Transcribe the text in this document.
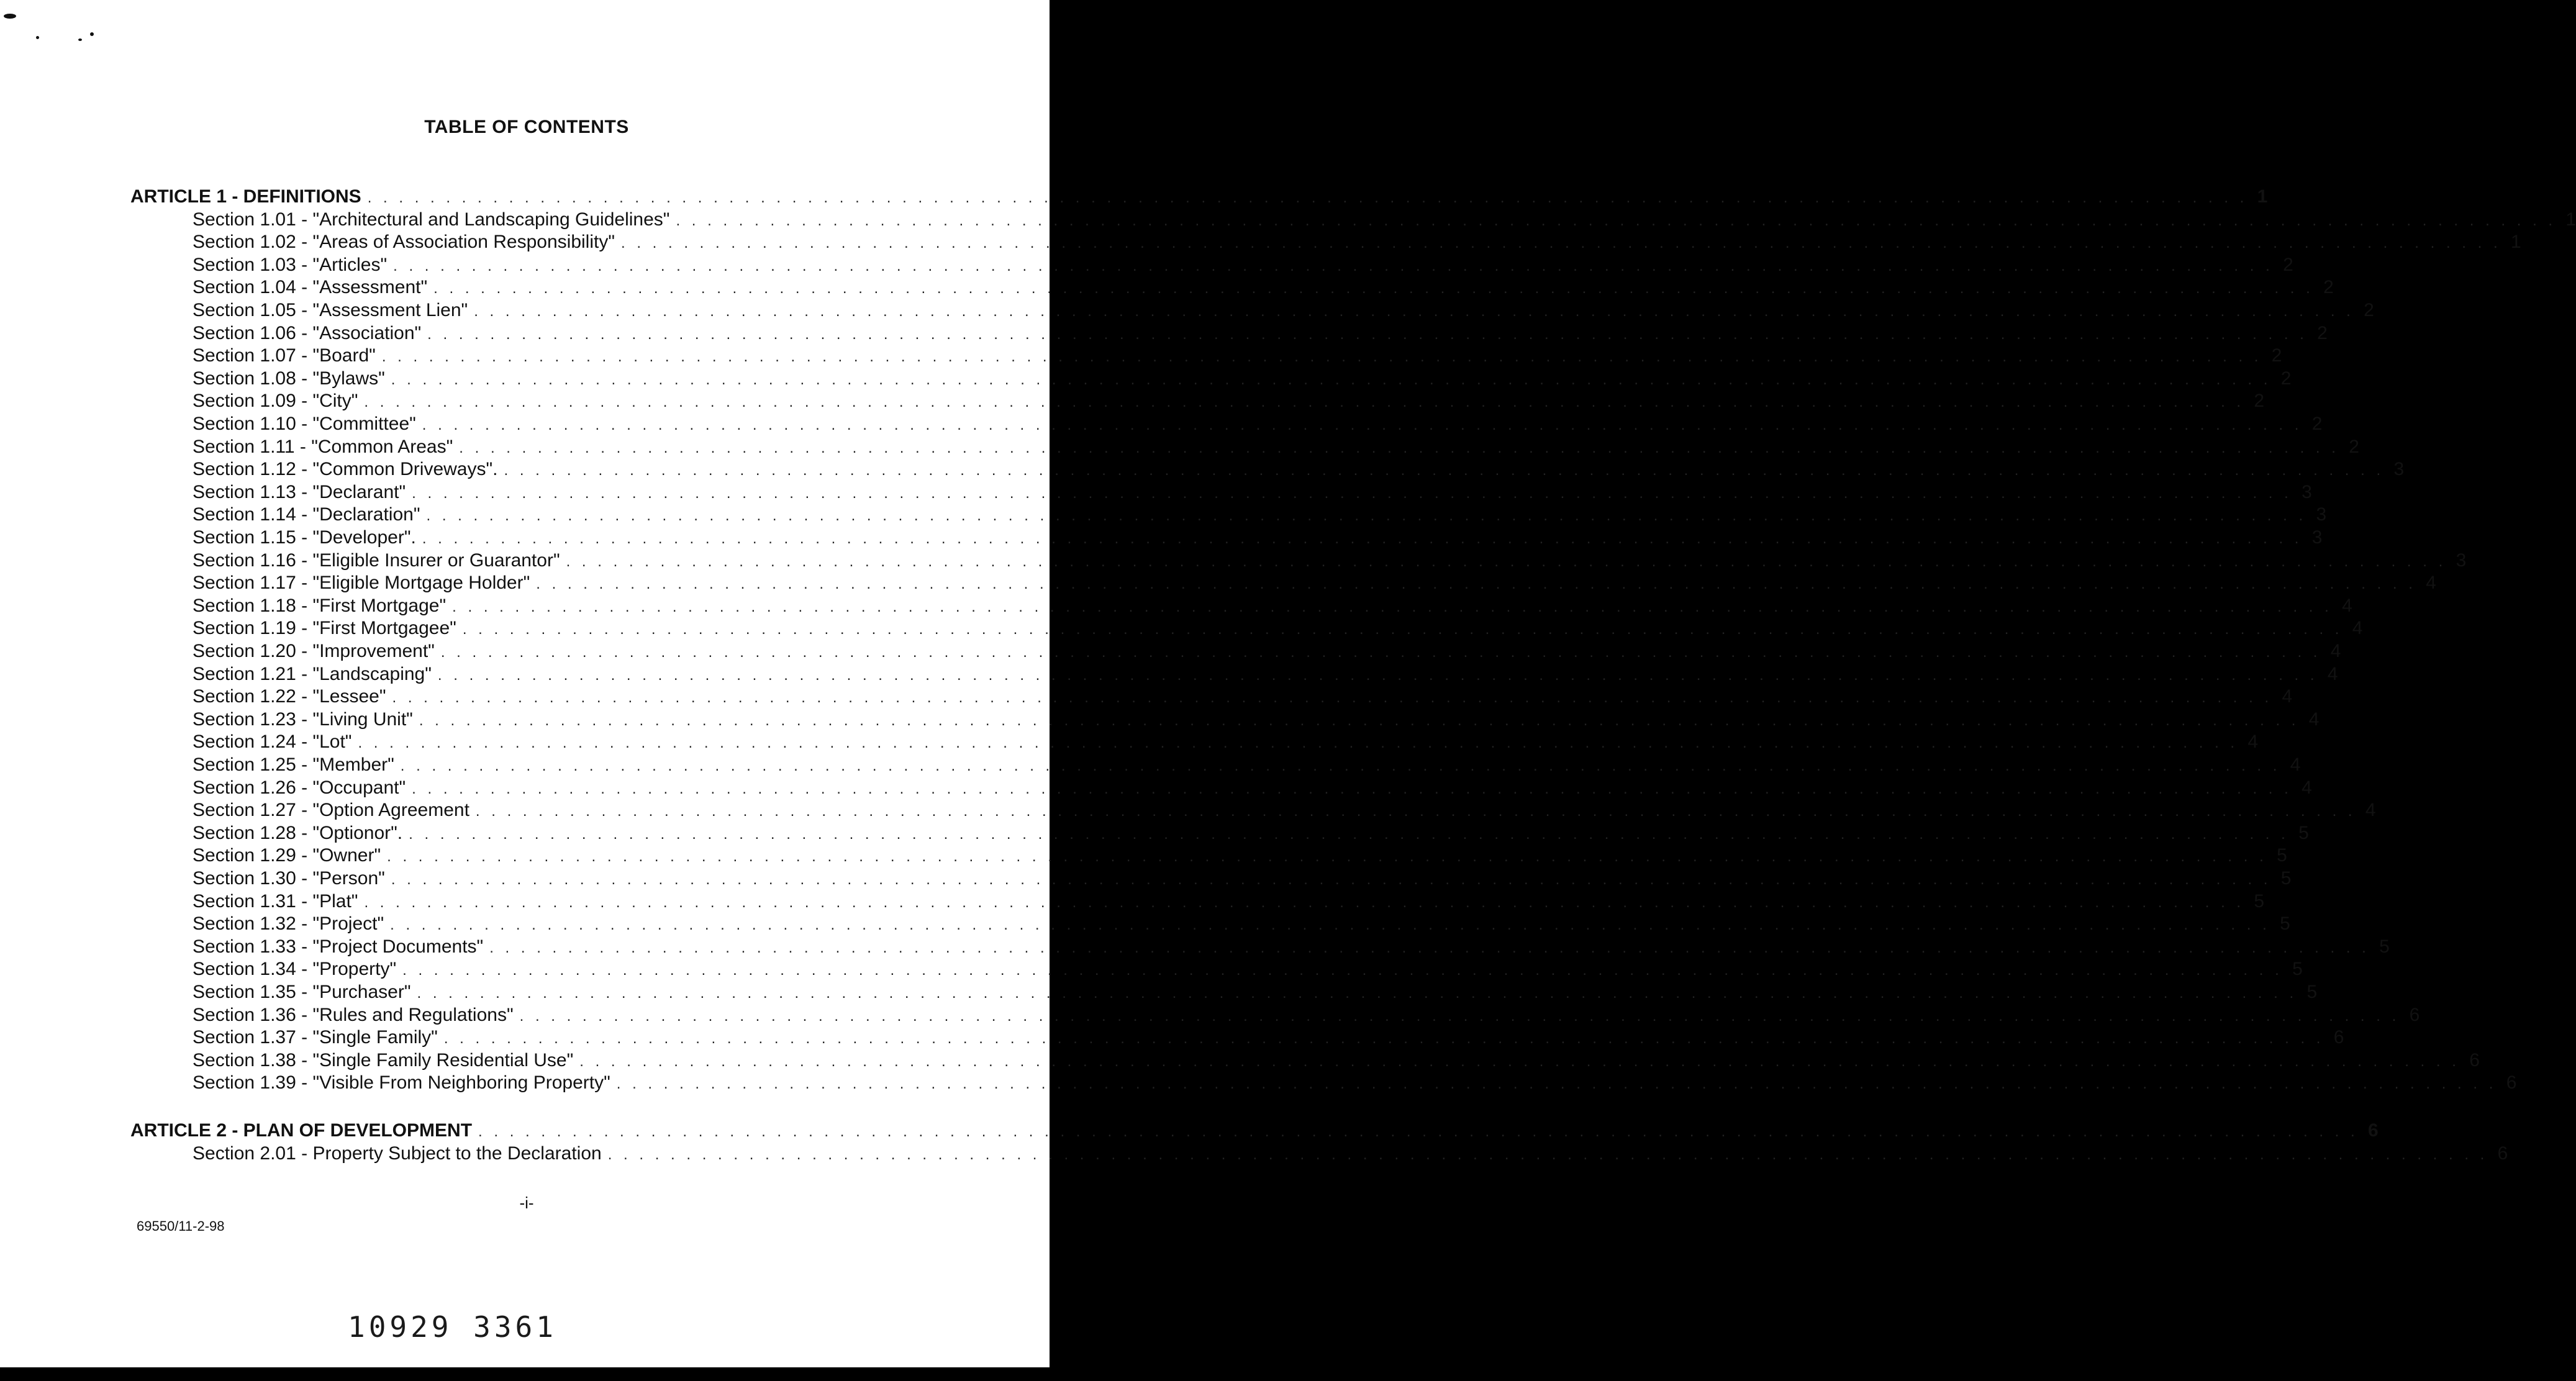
TABLE OF CONTENTS
ARTICLE 1 - DEFINITIONS . . . . . . . . . . . . . . . . . . . . . . . . . . . . . . . . . . . . . . . . . . . . . . . . . . . . . . . . . . . . . . . . . . . . . . . . . . . . . . . . . . . . . . . . . . . . . . . . . . . . . . . . . . . . . . . . . . . . . . . . 1
Section 1.01 - "Architectural and Landscaping Guidelines" . . . . . . . . . . . . . . . . . . . . . . . . . . . . . . . . . . . . . . . . . . . . . . . . . . . . . . . . . . . . . . . . . . . . . . . . . . . . . . . . . . . . . . . . . . . . . . . . . . . . . . . . . . . . . . . . . . . . . . . . 1
Section 1.02 - "Areas of Association Responsibility" . . . . . . . . . . . . . . . . . . . . . . . . . . . . . . . . . . . . . . . . . . . . . . . . . . . . . . . . . . . . . . . . . . . . . . . . . . . . . . . . . . . . . . . . . . . . . . . . . . . . . . . . . . . . . . . . . . . . . . . . 1
Section 1.03 - "Articles" . . . . . . . . . . . . . . . . . . . . . . . . . . . . . . . . . . . . . . . . . . . . . . . . . . . . . . . . . . . . . . . . . . . . . . . . . . . . . . . . . . . . . . . . . . . . . . . . . . . . . . . . . . . . . . . . . . . . . . . . 2
Section 1.04 - "Assessment" . . . . . . . . . . . . . . . . . . . . . . . . . . . . . . . . . . . . . . . . . . . . . . . . . . . . . . . . . . . . . . . . . . . . . . . . . . . . . . . . . . . . . . . . . . . . . . . . . . . . . . . . . . . . . . . . . . . . . . . . 2
Section 1.05 - "Assessment Lien" . . . . . . . . . . . . . . . . . . . . . . . . . . . . . . . . . . . . . . . . . . . . . . . . . . . . . . . . . . . . . . . . . . . . . . . . . . . . . . . . . . . . . . . . . . . . . . . . . . . . . . . . . . . . . . . . . . . . . . . . 2
Section 1.06 - "Association" . . . . . . . . . . . . . . . . . . . . . . . . . . . . . . . . . . . . . . . . . . . . . . . . . . . . . . . . . . . . . . . . . . . . . . . . . . . . . . . . . . . . . . . . . . . . . . . . . . . . . . . . . . . . . . . . . . . . . . . . 2
Section 1.07 - "Board" . . . . . . . . . . . . . . . . . . . . . . . . . . . . . . . . . . . . . . . . . . . . . . . . . . . . . . . . . . . . . . . . . . . . . . . . . . . . . . . . . . . . . . . . . . . . . . . . . . . . . . . . . . . . . . . . . . . . . . . . 2
Section 1.08 - "Bylaws" . . . . . . . . . . . . . . . . . . . . . . . . . . . . . . . . . . . . . . . . . . . . . . . . . . . . . . . . . . . . . . . . . . . . . . . . . . . . . . . . . . . . . . . . . . . . . . . . . . . . . . . . . . . . . . . . . . . . . . . . 2
Section 1.09 - "City" . . . . . . . . . . . . . . . . . . . . . . . . . . . . . . . . . . . . . . . . . . . . . . . . . . . . . . . . . . . . . . . . . . . . . . . . . . . . . . . . . . . . . . . . . . . . . . . . . . . . . . . . . . . . . . . . . . . . . . . . 2
Section 1.10 - "Committee" . . . . . . . . . . . . . . . . . . . . . . . . . . . . . . . . . . . . . . . . . . . . . . . . . . . . . . . . . . . . . . . . . . . . . . . . . . . . . . . . . . . . . . . . . . . . . . . . . . . . . . . . . . . . . . . . . . . . . . . . 2
Section 1.11 - "Common Areas" . . . . . . . . . . . . . . . . . . . . . . . . . . . . . . . . . . . . . . . . . . . . . . . . . . . . . . . . . . . . . . . . . . . . . . . . . . . . . . . . . . . . . . . . . . . . . . . . . . . . . . . . . . . . . . . . . . . . . . . . 2
Section 1.12 - "Common Driveways". . . . . . . . . . . . . . . . . . . . . . . . . . . . . . . . . . . . . . . . . . . . . . . . . . . . . . . . . . . . . . . . . . . . . . . . . . . . . . . . . . . . . . . . . . . . . . . . . . . . . . . . . . . . . . . . . . . . . . . . . 3
Section 1.13 - "Declarant" . . . . . . . . . . . . . . . . . . . . . . . . . . . . . . . . . . . . . . . . . . . . . . . . . . . . . . . . . . . . . . . . . . . . . . . . . . . . . . . . . . . . . . . . . . . . . . . . . . . . . . . . . . . . . . . . . . . . . . . . 3
Section 1.14 - "Declaration" . . . . . . . . . . . . . . . . . . . . . . . . . . . . . . . . . . . . . . . . . . . . . . . . . . . . . . . . . . . . . . . . . . . . . . . . . . . . . . . . . . . . . . . . . . . . . . . . . . . . . . . . . . . . . . . . . . . . . . . . 3
Section 1.15 - "Developer". . . . . . . . . . . . . . . . . . . . . . . . . . . . . . . . . . . . . . . . . . . . . . . . . . . . . . . . . . . . . . . . . . . . . . . . . . . . . . . . . . . . . . . . . . . . . . . . . . . . . . . . . . . . . . . . . . . . . . . . . 3
Section 1.16 - "Eligible Insurer or Guarantor" . . . . . . . . . . . . . . . . . . . . . . . . . . . . . . . . . . . . . . . . . . . . . . . . . . . . . . . . . . . . . . . . . . . . . . . . . . . . . . . . . . . . . . . . . . . . . . . . . . . . . . . . . . . . . . . . . . . . . . . . 3
Section 1.17 - "Eligible Mortgage Holder" . . . . . . . . . . . . . . . . . . . . . . . . . . . . . . . . . . . . . . . . . . . . . . . . . . . . . . . . . . . . . . . . . . . . . . . . . . . . . . . . . . . . . . . . . . . . . . . . . . . . . . . . . . . . . . . . . . . . . . . . 4
Section 1.18 - "First Mortgage" . . . . . . . . . . . . . . . . . . . . . . . . . . . . . . . . . . . . . . . . . . . . . . . . . . . . . . . . . . . . . . . . . . . . . . . . . . . . . . . . . . . . . . . . . . . . . . . . . . . . . . . . . . . . . . . . . . . . . . . . 4
Section 1.19 - "First Mortgagee" . . . . . . . . . . . . . . . . . . . . . . . . . . . . . . . . . . . . . . . . . . . . . . . . . . . . . . . . . . . . . . . . . . . . . . . . . . . . . . . . . . . . . . . . . . . . . . . . . . . . . . . . . . . . . . . . . . . . . . . . 4
Section 1.20 - "Improvement" . . . . . . . . . . . . . . . . . . . . . . . . . . . . . . . . . . . . . . . . . . . . . . . . . . . . . . . . . . . . . . . . . . . . . . . . . . . . . . . . . . . . . . . . . . . . . . . . . . . . . . . . . . . . . . . . . . . . . . . . 4
Section 1.21 - "Landscaping" . . . . . . . . . . . . . . . . . . . . . . . . . . . . . . . . . . . . . . . . . . . . . . . . . . . . . . . . . . . . . . . . . . . . . . . . . . . . . . . . . . . . . . . . . . . . . . . . . . . . . . . . . . . . . . . . . . . . . . . . 4
Section 1.22 - "Lessee" . . . . . . . . . . . . . . . . . . . . . . . . . . . . . . . . . . . . . . . . . . . . . . . . . . . . . . . . . . . . . . . . . . . . . . . . . . . . . . . . . . . . . . . . . . . . . . . . . . . . . . . . . . . . . . . . . . . . . . . . 4
Section 1.23 - "Living Unit" . . . . . . . . . . . . . . . . . . . . . . . . . . . . . . . . . . . . . . . . . . . . . . . . . . . . . . . . . . . . . . . . . . . . . . . . . . . . . . . . . . . . . . . . . . . . . . . . . . . . . . . . . . . . . . . . . . . . . . . . 4
Section 1.24 - "Lot" . . . . . . . . . . . . . . . . . . . . . . . . . . . . . . . . . . . . . . . . . . . . . . . . . . . . . . . . . . . . . . . . . . . . . . . . . . . . . . . . . . . . . . . . . . . . . . . . . . . . . . . . . . . . . . . . . . . . . . . . 4
Section 1.25 - "Member" . . . . . . . . . . . . . . . . . . . . . . . . . . . . . . . . . . . . . . . . . . . . . . . . . . . . . . . . . . . . . . . . . . . . . . . . . . . . . . . . . . . . . . . . . . . . . . . . . . . . . . . . . . . . . . . . . . . . . . . . 4
Section 1.26 - "Occupant" . . . . . . . . . . . . . . . . . . . . . . . . . . . . . . . . . . . . . . . . . . . . . . . . . . . . . . . . . . . . . . . . . . . . . . . . . . . . . . . . . . . . . . . . . . . . . . . . . . . . . . . . . . . . . . . . . . . . . . . . 4
Section 1.27 - "Option Agreement . . . . . . . . . . . . . . . . . . . . . . . . . . . . . . . . . . . . . . . . . . . . . . . . . . . . . . . . . . . . . . . . . . . . . . . . . . . . . . . . . . . . . . . . . . . . . . . . . . . . . . . . . . . . . . . . . . . . . . . . 4
Section 1.28 - "Optionor". . . . . . . . . . . . . . . . . . . . . . . . . . . . . . . . . . . . . . . . . . . . . . . . . . . . . . . . . . . . . . . . . . . . . . . . . . . . . . . . . . . . . . . . . . . . . . . . . . . . . . . . . . . . . . . . . . . . . . . . . 5
Section 1.29 - "Owner" . . . . . . . . . . . . . . . . . . . . . . . . . . . . . . . . . . . . . . . . . . . . . . . . . . . . . . . . . . . . . . . . . . . . . . . . . . . . . . . . . . . . . . . . . . . . . . . . . . . . . . . . . . . . . . . . . . . . . . . . 5
Section 1.30 - "Person" . . . . . . . . . . . . . . . . . . . . . . . . . . . . . . . . . . . . . . . . . . . . . . . . . . . . . . . . . . . . . . . . . . . . . . . . . . . . . . . . . . . . . . . . . . . . . . . . . . . . . . . . . . . . . . . . . . . . . . . . 5
Section 1.31 - "Plat" . . . . . . . . . . . . . . . . . . . . . . . . . . . . . . . . . . . . . . . . . . . . . . . . . . . . . . . . . . . . . . . . . . . . . . . . . . . . . . . . . . . . . . . . . . . . . . . . . . . . . . . . . . . . . . . . . . . . . . . . 5
Section 1.32 - "Project" . . . . . . . . . . . . . . . . . . . . . . . . . . . . . . . . . . . . . . . . . . . . . . . . . . . . . . . . . . . . . . . . . . . . . . . . . . . . . . . . . . . . . . . . . . . . . . . . . . . . . . . . . . . . . . . . . . . . . . . . 5
Section 1.33 - "Project Documents" . . . . . . . . . . . . . . . . . . . . . . . . . . . . . . . . . . . . . . . . . . . . . . . . . . . . . . . . . . . . . . . . . . . . . . . . . . . . . . . . . . . . . . . . . . . . . . . . . . . . . . . . . . . . . . . . . . . . . . . . 5
Section 1.34 - "Property" . . . . . . . . . . . . . . . . . . . . . . . . . . . . . . . . . . . . . . . . . . . . . . . . . . . . . . . . . . . . . . . . . . . . . . . . . . . . . . . . . . . . . . . . . . . . . . . . . . . . . . . . . . . . . . . . . . . . . . . . 5
Section 1.35 - "Purchaser" . . . . . . . . . . . . . . . . . . . . . . . . . . . . . . . . . . . . . . . . . . . . . . . . . . . . . . . . . . . . . . . . . . . . . . . . . . . . . . . . . . . . . . . . . . . . . . . . . . . . . . . . . . . . . . . . . . . . . . . . 5
Section 1.36 - "Rules and Regulations" . . . . . . . . . . . . . . . . . . . . . . . . . . . . . . . . . . . . . . . . . . . . . . . . . . . . . . . . . . . . . . . . . . . . . . . . . . . . . . . . . . . . . . . . . . . . . . . . . . . . . . . . . . . . . . . . . . . . . . . . 6
Section 1.37 - "Single Family" . . . . . . . . . . . . . . . . . . . . . . . . . . . . . . . . . . . . . . . . . . . . . . . . . . . . . . . . . . . . . . . . . . . . . . . . . . . . . . . . . . . . . . . . . . . . . . . . . . . . . . . . . . . . . . . . . . . . . . . . 6
Section 1.38 - "Single Family Residential Use" . . . . . . . . . . . . . . . . . . . . . . . . . . . . . . . . . . . . . . . . . . . . . . . . . . . . . . . . . . . . . . . . . . . . . . . . . . . . . . . . . . . . . . . . . . . . . . . . . . . . . . . . . . . . . . . . . . . . . . . . 6
Section 1.39 - "Visible From Neighboring Property" . . . . . . . . . . . . . . . . . . . . . . . . . . . . . . . . . . . . . . . . . . . . . . . . . . . . . . . . . . . . . . . . . . . . . . . . . . . . . . . . . . . . . . . . . . . . . . . . . . . . . . . . . . . . . . . . . . . . . . . . 6
ARTICLE 2 - PLAN OF DEVELOPMENT . . . . . . . . . . . . . . . . . . . . . . . . . . . . . . . . . . . . . . . . . . . . . . . . . . . . . . . . . . . . . . . . . . . . . . . . . . . . . . . . . . . . . . . . . . . . . . . . . . . . . . . . . . . . . . . . . . . . . . . . 6
Section 2.01 - Property Subject to the Declaration . . . . . . . . . . . . . . . . . . . . . . . . . . . . . . . . . . . . . . . . . . . . . . . . . . . . . . . . . . . . . . . . . . . . . . . . . . . . . . . . . . . . . . . . . . . . . . . . . . . . . . . . . . . . . . . . . . . . . . . . 6
-i-
69550/11-2-98
10929 3361
